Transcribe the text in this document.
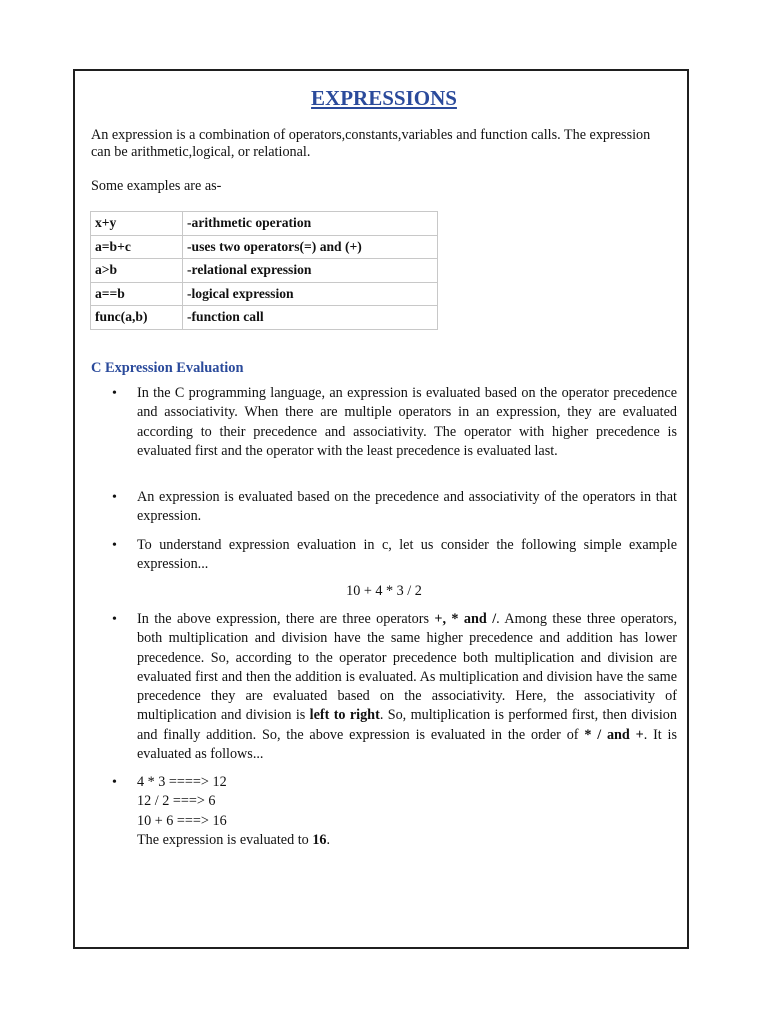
EXPRESSIONS

An expression is a combination of operators,constants,variables and function calls. The expression can be arithmetic,logical, or relational.

Some examples are as-

x+y	-arithmetic operation
a=b+c	-uses two operators(=) and (+)
a>b	-relational expression
a==b	-logical expression
func(a,b)	-function call
C Expression Evaluation
• In the C programming language, an expression is evaluated based on the operator precedence and associativity. When there are multiple operators in an expression, they are evaluated according to their precedence and associativity. The operator with higher precedence is evaluated first and the operator with the least precedence is evaluated last.
• An expression is evaluated based on the precedence and associativity of the operators in that expression.
• To understand expression evaluation in c, let us consider the following simple example expression...
10 + 4 * 3 / 2
• In the above expression, there are three operators +, * and /. Among these three operators, both multiplication and division have the same higher precedence and addition has lower precedence. So, according to the operator precedence both multiplication and division are evaluated first and then the addition is evaluated. As multiplication and division have the same precedence they are evaluated based on the associativity. Here, the associativity of multiplication and division is left to right. So, multiplication is performed first, then division and finally addition. So, the above expression is evaluated in the order of * / and +. It is evaluated as follows...
• 4 * 3 ====> 12
12 / 2 ===> 6
10 + 6 ===> 16
The expression is evaluated to 16.
